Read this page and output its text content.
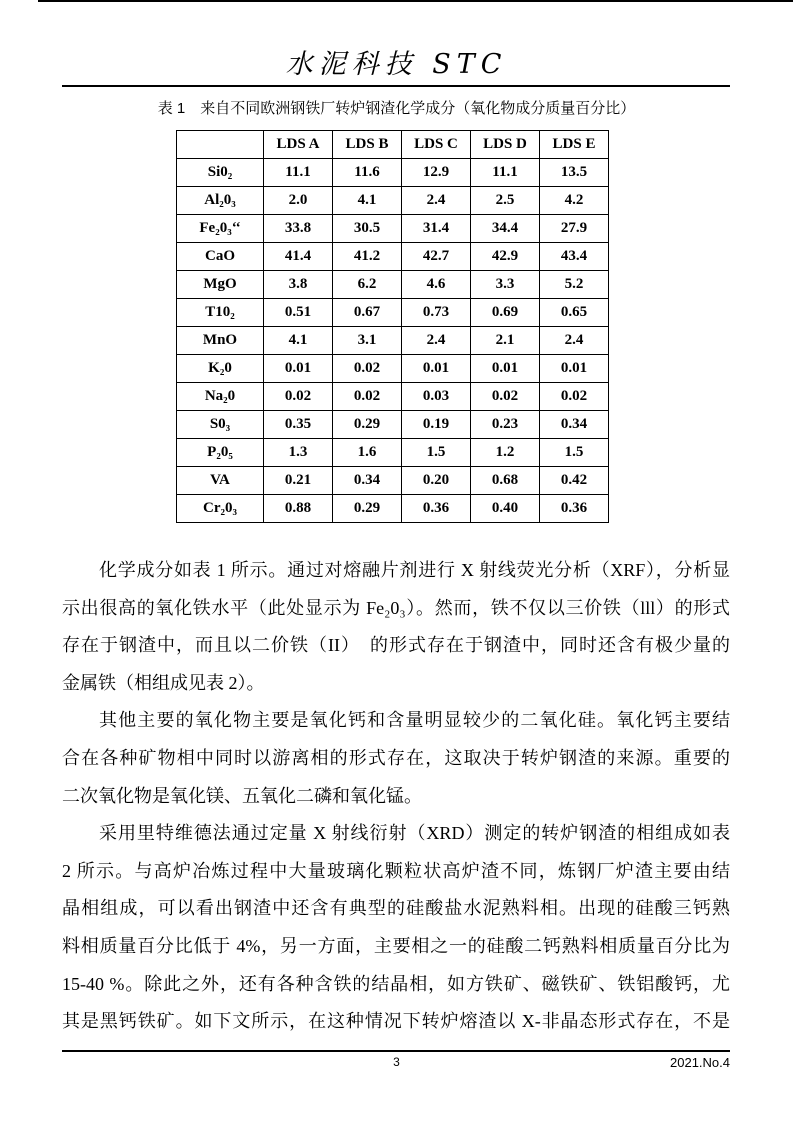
水泥科技 STC
表 1　来自不同欧洲钢铁厂转炉钢渣化学成分（氧化物成分质量百分比）
	LDS A	LDS B	LDS C	LDS D	LDS E
Si0₂	11.1	11.6	12.9	11.1	13.5
Al₂0₃	2.0	4.1	2.4	2.5	4.2
Fe₂0₃‘‘	33.8	30.5	31.4	34.4	27.9
CaO	41.4	41.2	42.7	42.9	43.4
MgO	3.8	6.2	4.6	3.3	5.2
T10₂	0.51	0.67	0.73	0.69	0.65
MnO	4.1	3.1	2.4	2.1	2.4
K₂0	0.01	0.02	0.01	0.01	0.01
Na₂0	0.02	0.02	0.03	0.02	0.02
S0₃	0.35	0.29	0.19	0.23	0.34
P₂0₅	1.3	1.6	1.5	1.2	1.5
VA	0.21	0.34	0.20	0.68	0.42
Cr₂0₃	0.88	0.29	0.36	0.40	0.36
化学成分如表 1 所示。通过对熔融片剂进行 X 射线荧光分析（XRF），分析显
示出很高的氧化铁水平（此处显示为 Fe₂0₃）。然而，铁不仅以三价铁（lll）的形式
存在于钢渣中，而且以二价铁（II）　的形式存在于钢渣中，同时还含有极少量的
金属铁（相组成见表 2）。
其他主要的氧化物主要是氧化钙和含量明显较少的二氧化硅。氧化钙主要结
合在各种矿物相中同时以游离相的形式存在，这取决于转炉钢渣的来源。重要的
二次氧化物是氧化镁、五氧化二磷和氧化锰。
采用里特维德法通过定量 X 射线衍射（XRD）测定的转炉钢渣的相组成如表
2 所示。与高炉冶炼过程中大量玻璃化颗粒状高炉渣不同，炼钢厂炉渣主要由结
晶相组成，可以看出钢渣中还含有典型的硅酸盐水泥熟料相。出现的硅酸三钙熟
料相质量百分比低于 4%，另一方面，主要相之一的硅酸二钙熟料相质量百分比为
15-40 %。除此之外，还有各种含铁的结晶相，如方铁矿、磁铁矿、铁铝酸钙，尤
其是黑钙铁矿。如下文所示，在这种情况下转炉熔渣以 X-非晶态形式存在，不是
3	2021.No.4
